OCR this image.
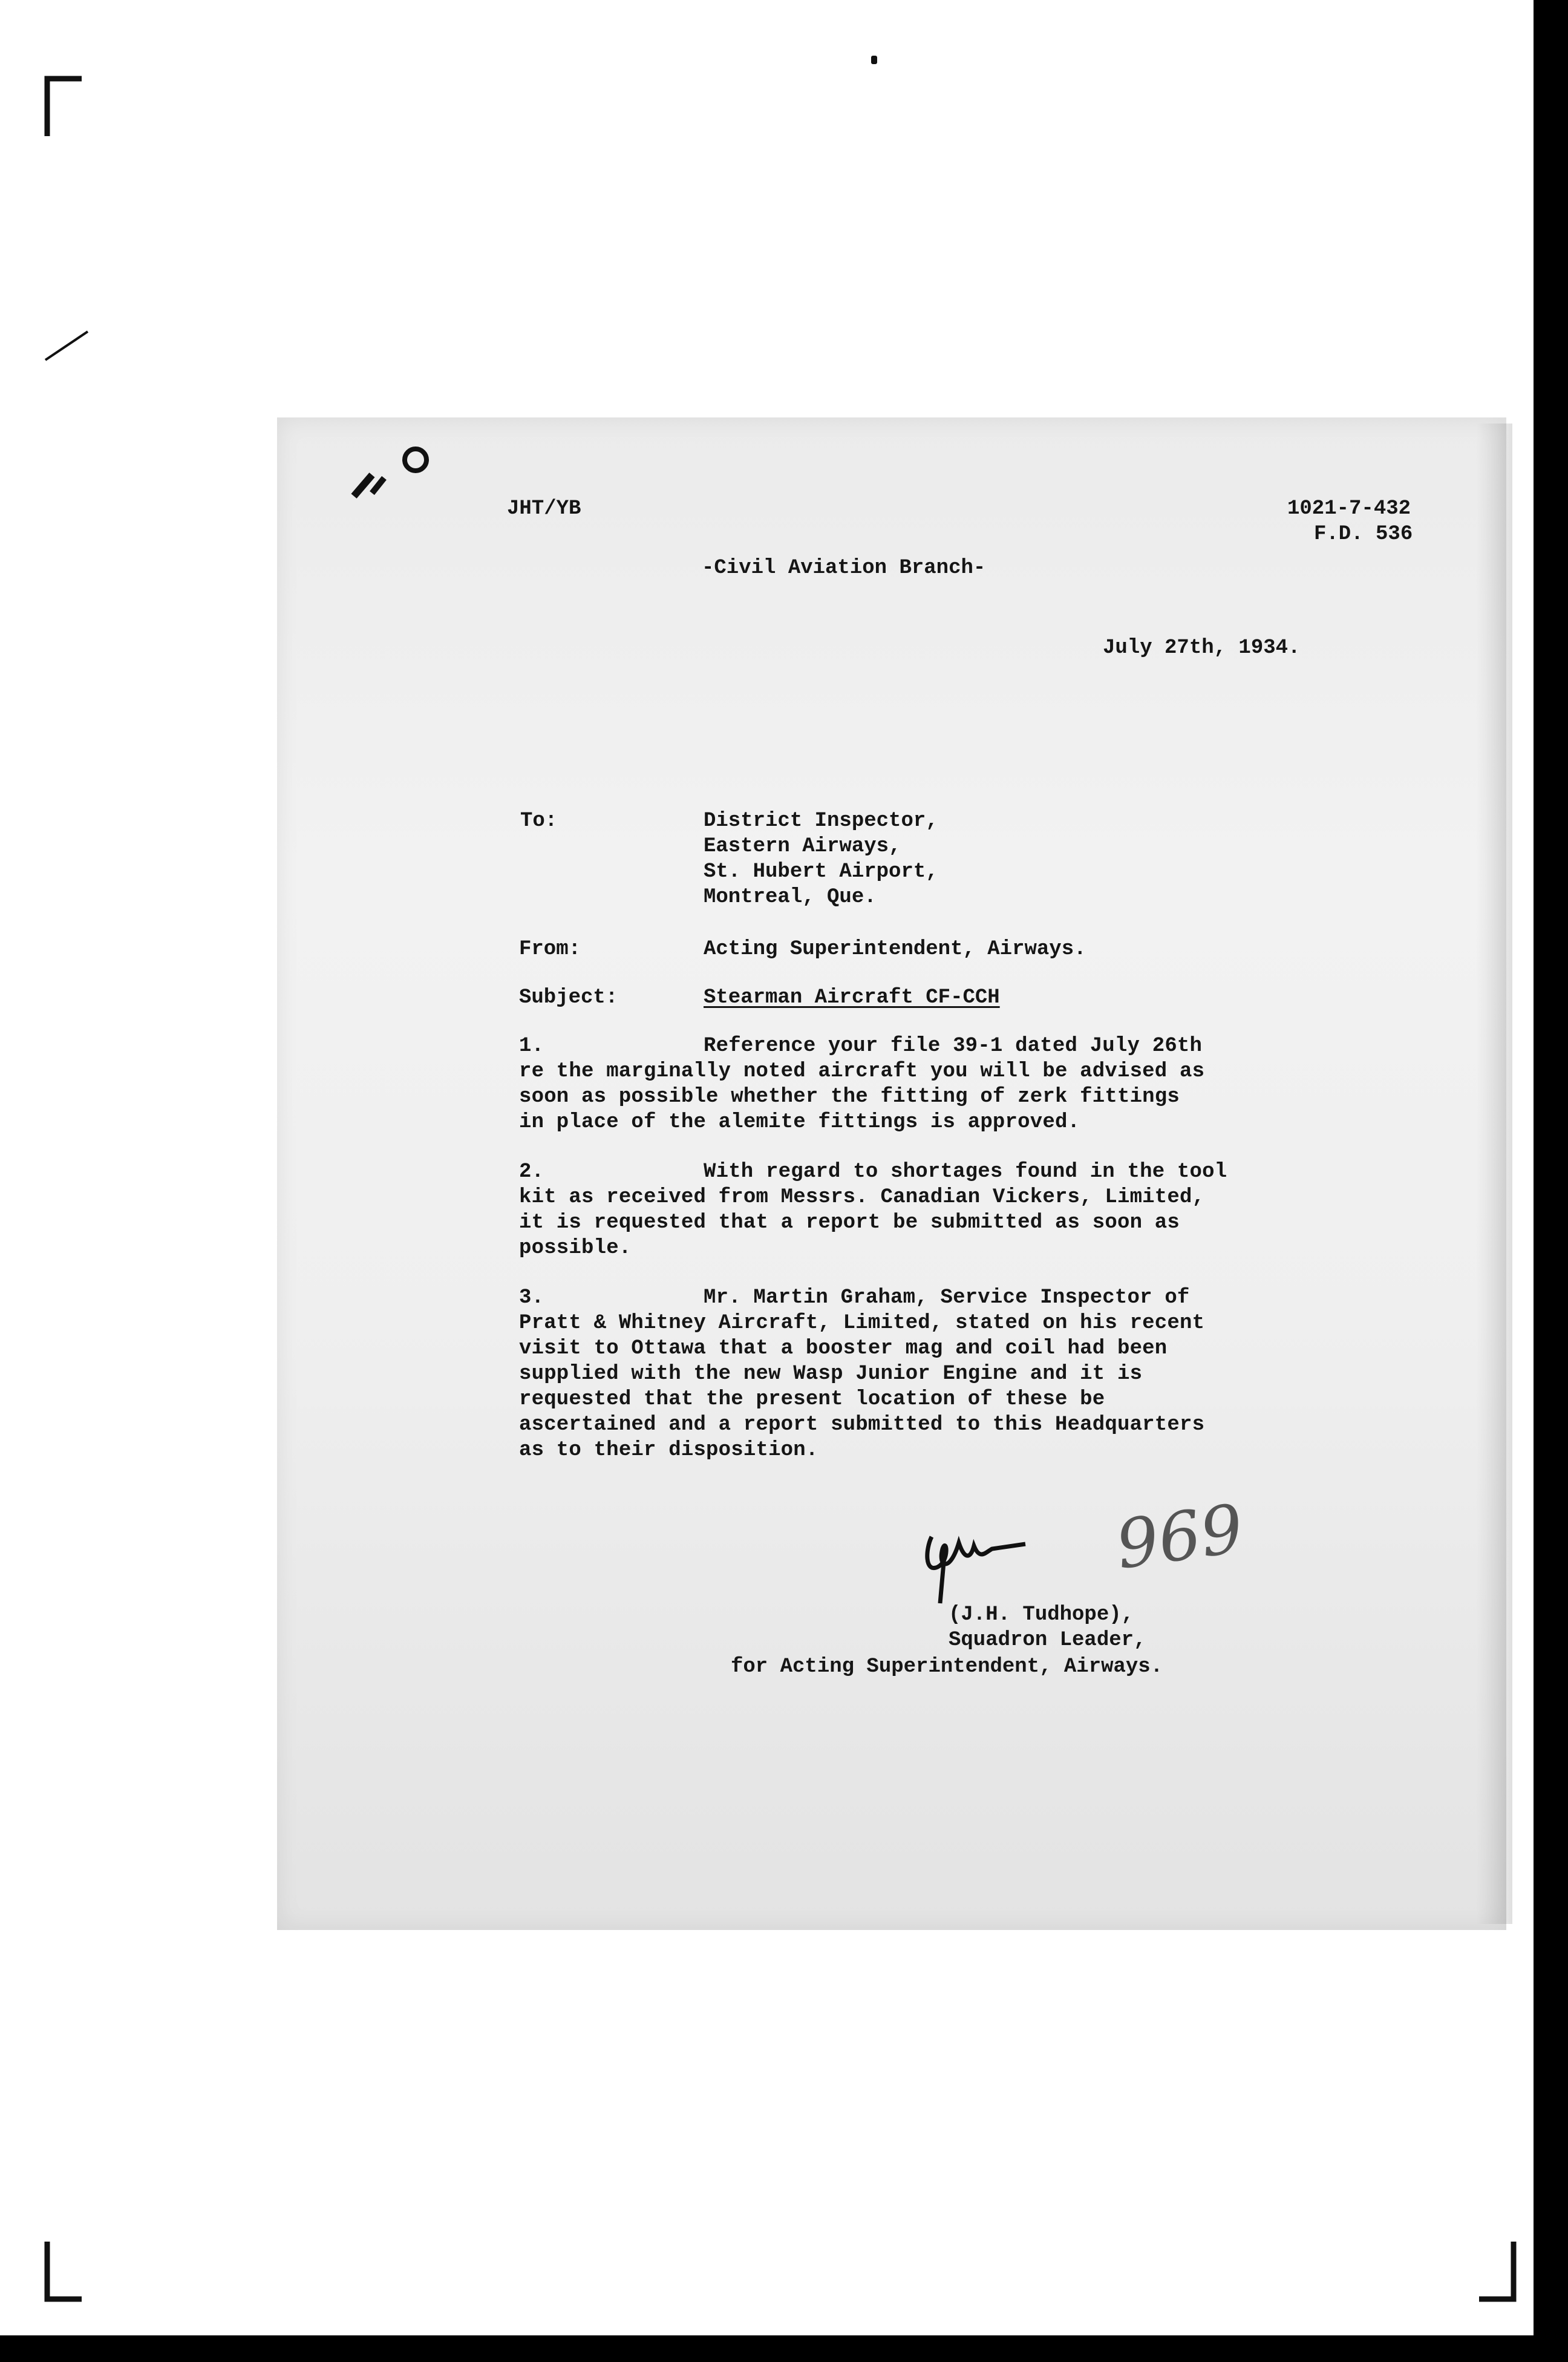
JHT/YB	1021-7-432
F.D. 536
-Civil Aviation Branch-
July 27th, 1934.
To:	District Inspector,
Eastern Airways,
St. Hubert Airport,
Montreal, Que.
From:	Acting Superintendent, Airways.
Subject:	Stearman Aircraft CF-CCH
1.	Reference your file 39-1 dated July 26th
re the marginally noted aircraft you will be advised as
soon as possible whether the fitting of zerk fittings
in place of the alemite fittings is approved.
2.	With regard to shortages found in the tool
kit as received from Messrs. Canadian Vickers, Limited,
it is requested that a report be submitted as soon as
possible.
3.	Mr. Martin Graham, Service Inspector of
Pratt & Whitney Aircraft, Limited, stated on his recent
visit to Ottawa that a booster mag and coil had been
supplied with the new Wasp Junior Engine and it is
requested that the present location of these be
ascertained and a report submitted to this Headquarters
as to their disposition.
969
(J.H. Tudhope),
Squadron Leader,
for Acting Superintendent, Airways.
